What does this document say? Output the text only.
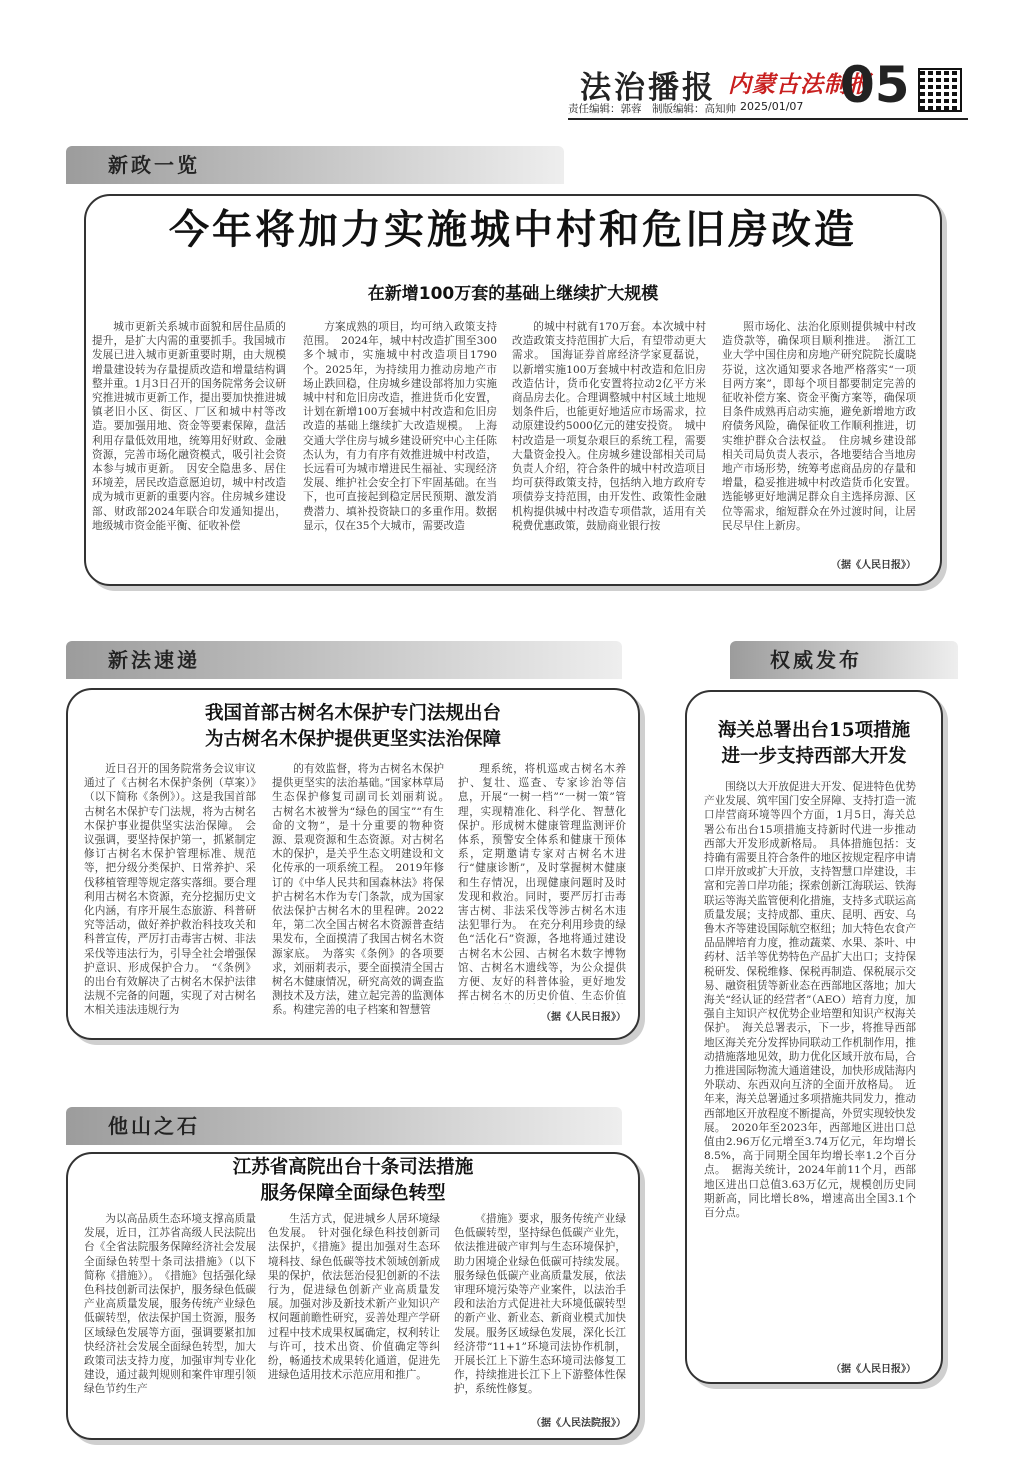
法治播报 内蒙古法制报
05
责任编辑：郭蓉　制版编辑：高知帅 2025/01/07
新政一览
今年将加力实施城中村和危旧房改造
在新增100万套的基础上继续扩大规模

城市更新关系城市面貌和居住品质的提升，是扩大内需的重要抓手。我国城市发展已进入城市更新重要时期，由大规模增量建设转为存量提质改造和增量结构调整并重。1月3日召开的国务院常务会议研究推进城市更新工作，提出要加快推进城镇老旧小区、街区、厂区和城中村等改造。要加强用地、资金等要素保障，盘活利用存量低效用地，统筹用好财政、金融资源，完善市场化融资模式，吸引社会资本参与城市更新。　因安全隐患多、居住环境差，居民改造意愿迫切，城中村改造成为城市更新的重要内容。住房城乡建设部、财政部2024年联合印发通知提出，地级城市资金能平衡、征收补偿

方案成熟的项目，均可纳入政策支持范围。　2024年，城中村改造扩围至300多个城市，实施城中村改造项目1790个。2025年，为持续用力推动房地产市场止跌回稳，住房城乡建设部将加力实施城中村和危旧房改造，推进货币化安置，计划在新增100万套城中村改造和危旧房改造的基础上继续扩大改造规模。　上海交通大学住房与城乡建设研究中心主任陈杰认为，有力有序有效推进城中村改造，长远看可为城市增进民生福祉、实现经济发展、维护社会安全打下牢固基础。在当下，也可直接起到稳定居民预期、激发消费潜力、填补投资缺口的多重作用。数据显示，仅在35个大城市，需要改造

的城中村就有170万套。本次城中村改造政策支持范围扩大后，有望带动更大需求。　国海证券首席经济学家夏磊说，以新增实施100万套城中村改造和危旧房改造估计，货币化安置将拉动2亿平方米商品房去化。合理调整城中村区域土地规划条件后，也能更好地适应市场需求，拉动原建设约5000亿元的建安投资。　城中村改造是一项复杂艰巨的系统工程，需要大量资金投入。住房城乡建设部相关司局负责人介绍，符合条件的城中村改造项目均可获得政策支持，包括纳入地方政府专项债券支持范围，由开发性、政策性金融机构提供城中村改造专项借款，适用有关税费优惠政策，鼓励商业银行按

照市场化、法治化原则提供城中村改造贷款等，确保项目顺利推进。　浙江工业大学中国住房和房地产研究院院长虞晓芬说，这次通知要求各地严格落实“一项目两方案”，即每个项目都要制定完善的征收补偿方案、资金平衡方案等，确保项目条件成熟再启动实施，避免新增地方政府债务风险，确保征收工作顺利推进，切实维护群众合法权益。　住房城乡建设部相关司局负责人表示，各地要结合当地房地产市场形势，统筹考虑商品房的存量和增量，稳妥推进城中村改造货币化安置。选能够更好地满足群众自主选择房源、区位等需求，缩短群众在外过渡时间，让居民尽早住上新房。

（据《人民日报》）
新法速递
我国首部古树名木保护专门法规出台
为古树名木保护提供更坚实法治保障

近日召开的国务院常务会议审议通过了《古树名木保护条例（草案）》（以下简称《条例》）。这是我国首部古树名木保护专门法规，将为古树名木保护事业提供坚实法治保障。　会议强调，要坚持保护第一，抓紧制定修订古树名木保护管理标准、规范等，把分级分类保护、日常养护、采伐移植管理等规定落实落细。要合理利用古树名木资源，充分挖掘历史文化内涵，有序开展生态旅游、科普研究等活动，做好养护救治科技攻关和科普宣传，严厉打击毒害古树、非法采伐等违法行为，引导全社会增强保护意识、形成保护合力。　“《条例》的出台有效解决了古树名木保护法律法规不完备的问题，实现了对古树名木相关违法违规行为

的有效监督，将为古树名木保护提供更坚实的法治基础。”国家林草局生态保护修复司副司长刘丽莉说。　古树名木被誉为“绿色的国宝”“有生命的文物”，是十分重要的物种资源、景观资源和生态资源。对古树名木的保护，是关乎生态文明建设和文化传承的一项系统工程。　2019年修订的《中华人民共和国森林法》将保护古树名木作为专门条款，成为国家依法保护古树名木的里程碑。2022年，第二次全国古树名木资源普查结果发布，全面摸清了我国古树名木资源家底。　为落实《条例》的各项要求，刘丽莉表示，要全面摸清全国古树名木健康情况，研究高效的调查监测技术及方法，建立起完善的监测体系。构建完善的电子档案和智慧管

理系统，将机巡或古树名木养护、复壮、巡查、专家诊治等信息，开展“一树一档”“一树一策”管理，实现精准化、科学化、智慧化保护。形成树木健康管理监测评价体系，预警安全体系和健康干预体系，定期邀请专家对古树名木进行“健康诊断”，及时掌握树木健康和生存情况，出现健康问题时及时发现和救治。同时，要严厉打击毒害古树、非法采伐等涉古树名木违法犯罪行为。　在充分利用珍贵的绿色“活化石”资源，各地将通过建设古树名木公园、古树名木数字博物馆、古树名木遗线等，为公众提供方便、友好的科普体验，更好地发挥古树名木的历史价值、生态价值

（据《人民日报》）
权威发布
海关总署出台15项措施
进一步支持西部大开发

围绕以大开放促进大开发、促进特色优势产业发展、筑牢国门安全屏障、支持打造一流口岸营商环境等四个方面，1月5日，海关总署公布出台15项措施支持新时代进一步推动西部大开发形成新格局。　具体措施包括：支持确有需要且符合条件的地区按规定程序申请口岸开放或扩大开放，支持智慧口岸建设，丰富和完善口岸功能；探索创新江海联运、铁海联运等海关监管便利化措施，支持多式联运高质量发展；支持成都、重庆、昆明、西安、乌鲁木齐等建设国际航空枢纽；加大特色农食产品品牌培育力度，推动蔬菜、水果、茶叶、中药材、活羊等优势特色产品扩大出口；支持保税研发、保税维修、保税再制造、保税展示交易、融资租赁等新业态在西部地区落地；加大海关“经认证的经营者”（AEO）培育力度，加强自主知识产权优势企业培塑和知识产权海关保护。　海关总署表示，下一步，将推导西部地区海关充分发挥协同联动工作机制作用，推动措施落地见效，助力优化区域开放布局，合力推进国际物流大通道建设，加快形成陆海内外联动、东西双向互济的全面开放格局。　近年来，海关总署通过多项措施共同发力，推动西部地区开放程度不断提高，外贸实现较快发展。　2020年至2023年，西部地区进出口总值由2.96万亿元增至3.74万亿元，年均增长8.5%，高于同期全国年均增长率1.2个百分点。　据海关统计，2024年前11个月，西部地区进出口总值3.63万亿元，规模创历史同期新高，同比增长8%，增速高出全国3.1个百分点。

（据《人民日报》）
他山之石
江苏省高院出台十条司法措施
服务保障全面绿色转型

为以高品质生态环境支撑高质量发展，近日，江苏省高级人民法院出台《全省法院服务保障经济社会发展全面绿色转型十条司法措施》（以下简称《措施》）。　《措施》包括强化绿色科技创新司法保护，服务绿色低碳产业高质量发展，服务传统产业绿色低碳转型，依法保护国土资源，服务区域绿色发展等方面，强调要紧扣加快经济社会发展全面绿色转型，加大政策司法支持力度，加强审判专业化建设，通过裁判规则和案件审理引领绿色节约生产

生活方式，促进城乡人居环境绿色发展。　针对强化绿色科技创新司法保护，《措施》提出加强对生态环境科技、绿色低碳等技术领域创新成果的保护，依法惩治侵犯创新的不法行为，促进绿色创新产业高质量发展。加强对涉及新技术新产业知识产权问题前瞻性研究，妥善处理产学研过程中技术成果权属确定，权利转让与许可，技术出资、价值确定等纠纷，畅通技术成果转化通道，促进先进绿色适用技术示范应用和推广。

《措施》要求，服务传统产业绿色低碳转型，坚持绿色低碳产业先，依法推进破产审判与生态环境保护，助力困境企业绿色低碳可持续发展。服务绿色低碳产业高质量发展，依法审理环境污染等产业案件，以法治手段和法治方式促进社大环境低碳转型的新产业、新业态、新商业模式加快发展。服务区域绿色发展，深化长江经济带“11+1”环境司法协作机制，开展长江上下游生态环境司法修复工作，持续推进长江下上下游整体性保护，系统性修复。

（据《人民法院报》）
